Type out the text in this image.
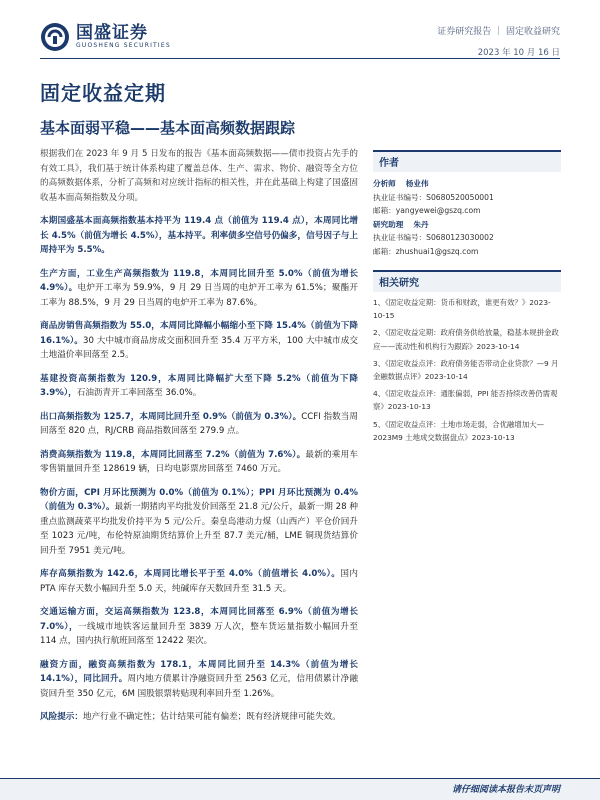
国盛证券
GUOSHENG SECURITIES
证券研究报告 ｜ 固定收益研究
2023 年 10 月 16 日
固定收益定期
基本面弱平稳——基本面高频数据跟踪

根据我们在 2023 年 9 月 5 日发布的报告《基本面高频数据——债市投资占先手的有效工具》，我们基于统计体系构建了覆盖总体、生产、需求、物价、融资等全方位的高频数据体系，分析了高频和对应统计指标的相关性，并在此基础上构建了国盛固收基本面高频指数及分项。

本期国盛基本面高频指数基本持平为 119.4 点（前值为 119.4 点），本周同比增长 4.5%（前值为增长 4.5%），基本持平。利率债多空信号仍偏多，信号因子与上周持平为 5.5%。

生产方面，工业生产高频指数为 119.8，本周同比回升至 5.0%（前值为增长 4.9%）。电炉开工率为 59.9%，9 月 29 日当周的电炉开工率为 61.5%；聚酯开工率为 88.5%，9 月 29 日当周的电炉开工率为 87.6%。

商品房销售高频指数为 55.0，本周同比降幅小幅缩小至下降 15.4%（前值为下降 16.1%）。30 大中城市商品房成交面积回升至 35.4 万平方米，100 大中城市成交土地溢价率回落至 2.5。

基建投资高频指数为 120.9，本周同比降幅扩大至下降 5.2%（前值为下降 3.9%），石油沥青开工率回落至 36.0%。

出口高频指数为 125.7，本周同比回升至 0.9%（前值为 0.3%）。CCFI 指数当周回落至 820 点，RJ/CRB 商品指数回落至 279.9 点。

消费高频指数为 119.8，本周同比回落至 7.2%（前值为 7.6%）。最新的乘用车零售销量回升至 128619 辆，日均电影票房回落至 7460 万元。

物价方面，CPI 月环比预测为 0.0%（前值为 0.1%）；PPI 月环比预测为 0.4%（前值为 0.3%）。最新一期猪肉平均批发价回落至 21.8 元/公斤，最新一期 28 种重点监测蔬菜平均批发价持平为 5 元/公斤。秦皇岛港动力煤（山西产）平仓价回升至 1023 元/吨，布伦特原油期货结算价上升至 87.7 美元/桶，LME 铜现货结算价回升至 7951 美元/吨。

库存高频指数为 142.6，本周同比增长平于至 4.0%（前值增长 4.0%）。国内 PTA 库存天数小幅回升至 5.0 天，纯碱库存天数回升至 31.5 天。

交通运输方面，交运高频指数为 123.8，本周同比回落至 6.9%（前值为增长 7.0%），一线城市地铁客运量回升至 3839 万人次，整车货运量指数小幅回升至 114 点，国内执行航班回落至 12422 架次。

融资方面，融资高频指数为 178.1，本周同比回升至 14.3%（前值为增长 14.1%），同比回升。周内地方债累计净融资回升至 2563 亿元，信用债累计净融资回升至 350 亿元，6M 国股银票转贴现利率回升至 1.26%。

风险提示：地产行业不确定性；估计结果可能有偏差；既有经济规律可能失效。

作者
分析师 杨业伟
执业证书编号：S0680520050001
邮箱：yangyewei@gszq.com
研究助理 朱丹
执业证书编号：S0680123030002
邮箱：zhushuai1@gszq.com
相关研究
1、《固定收益定期：货币和财政，谁更有效？》2023-10-15
2、《固定收益定期：政府债务供给放量，稳基本规拼金政应——流动性和机构行为跟踪》2023-10-14
3、《固定收益点评：政府债务能否带动企业贷款？—9 月金融数据点评》2023-10-14
4、《固定收益点评：通胀偏弱，PPI 能否持续改善仍需观察》2023-10-13
5、《固定收益点评：土地市场走弱，合优融增加大—2023M9 土地成交数据盘点》2023-10-13
请仔细阅读本报告末页声明
